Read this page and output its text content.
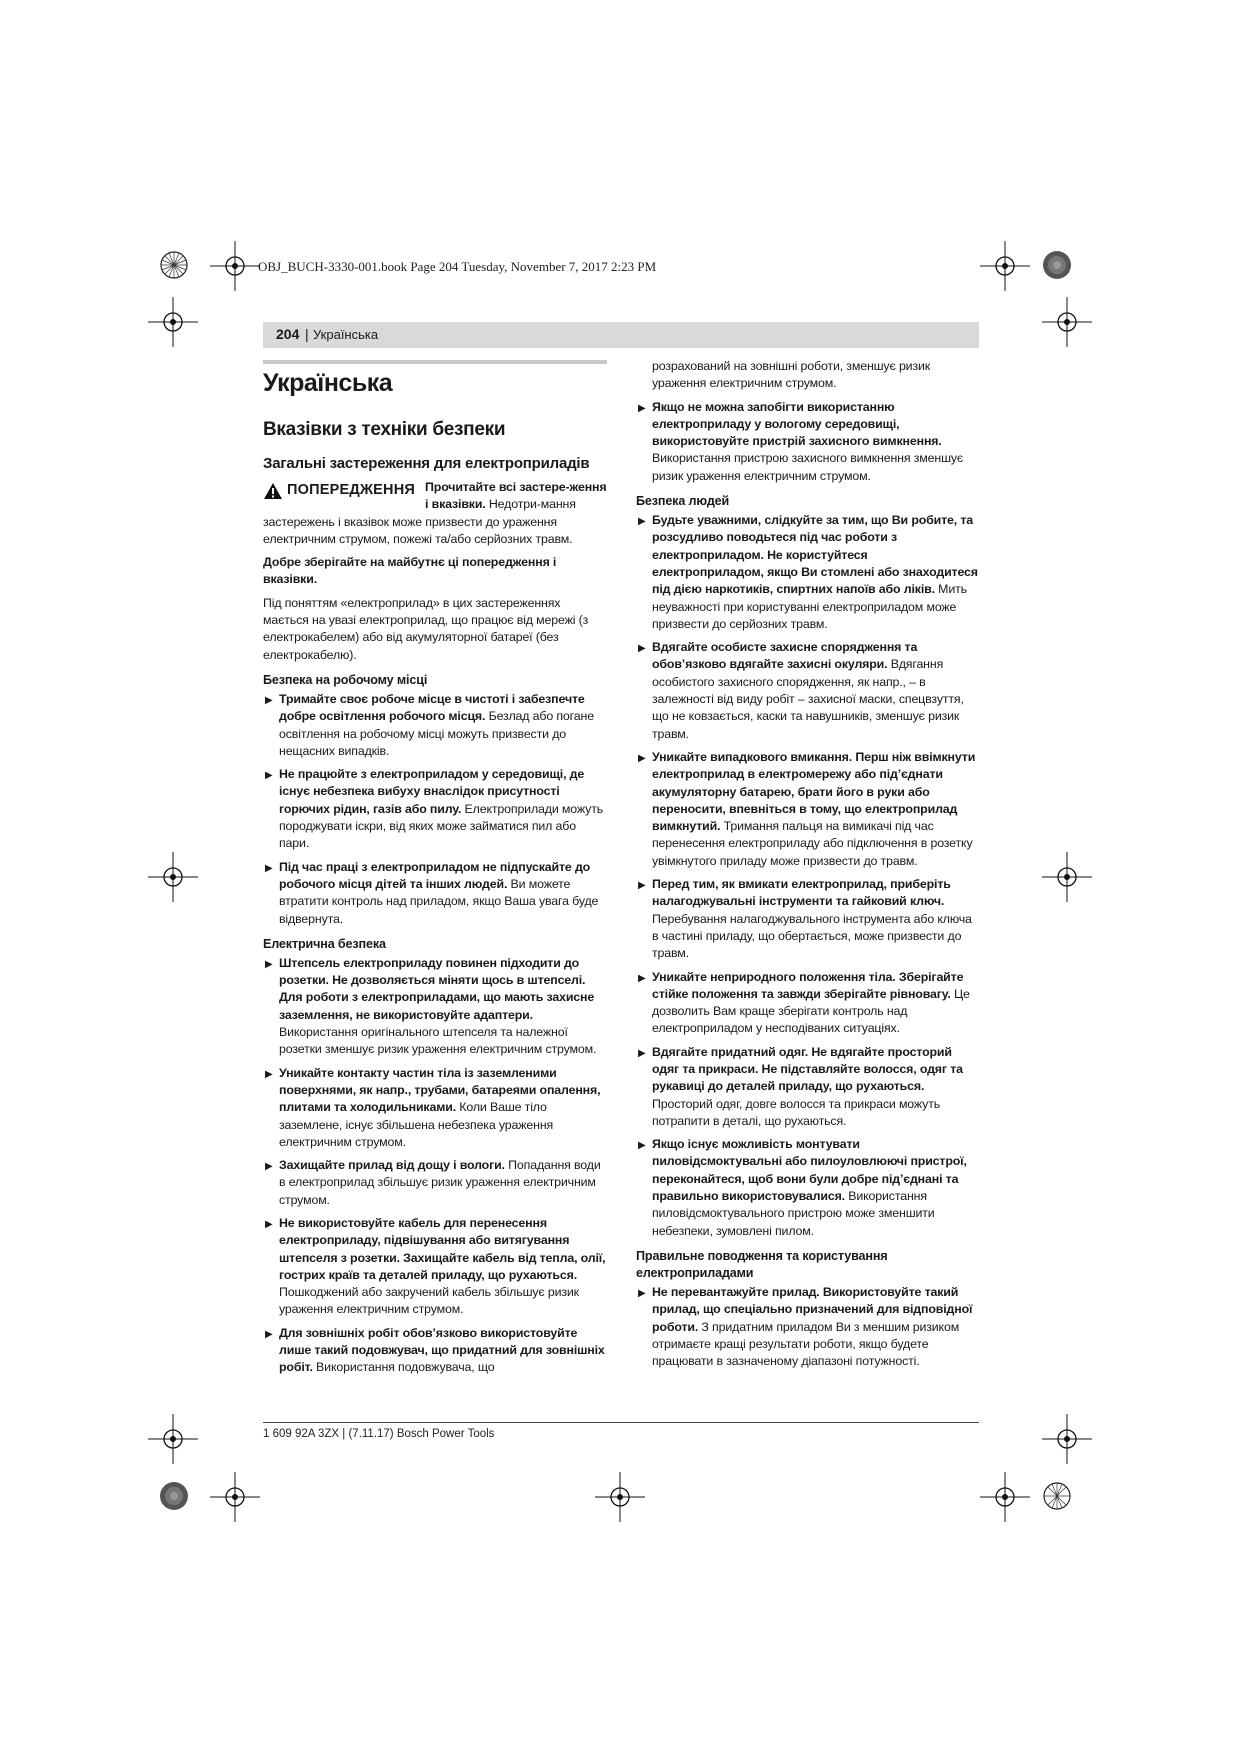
OBJ_BUCH-3330-001.book Page 204 Tuesday, November 7, 2017 2:23 PM
204 | Українська
Українська
Вказівки з техніки безпеки
Загальні застереження для електроприладів
ПОПЕРЕДЖЕННЯ Прочитайте всі застере-ження і вказівки. Недотри-мання застережень і вказівок може призвести до ураження електричним струмом, пожежі та/або серйозних травм.

Добре зберігайте на майбутнє ці попередження і вказівки.

Під поняттям «електроприлад» в цих застереженнях мається на увазі електроприлад, що працює від мережі (з електрокабелем) або від акумуляторної батареї (без електрокабелю).

Безпека на робочому місці
▶ Тримайте своє робоче місце в чистоті і забезпечте добре освітлення робочого місця. Безлад або погане освітлення на робочому місці можуть призвести до нещасних випадків.
▶ Не працюйте з електроприладом у середовищі, де існує небезпека вибуху внаслідок присутності горючих рідин, газів або пилу. Електроприлади можуть породжувати іскри, від яких може займатися пил або пари.
▶ Під час праці з електроприладом не підпускайте до робочого місця дітей та інших людей. Ви можете втратити контроль над приладом, якщо Ваша увага буде відвернута.
Електрична безпека
▶ Штепсель електроприладу повинен підходити до розетки. Не дозволяється міняти щось в штепселі. Для роботи з електроприладами, що мають захисне заземлення, не використовуйте адаптери. Використання оригінального штепселя та належної розетки зменшує ризик ураження електричним струмом.
▶ Уникайте контакту частин тіла із заземленими поверхнями, як напр., трубами, батареями опалення, плитами та холодильниками. Коли Ваше тіло заземлене, існує збільшена небезпека ураження електричним струмом.
▶ Захищайте прилад від дощу і вологи. Попадання води в електроприлад збільшує ризик ураження електричним струмом.
▶ Не використовуйте кабель для перенесення електроприладу, підвішування або витягування штепселя з розетки. Захищайте кабель від тепла, олії, гострих країв та деталей приладу, що рухаються. Пошкоджений або закручений кабель збільшує ризик ураження електричним струмом.
▶ Для зовнішніх робіт обов’язково використовуйте лише такий подовжувач, що придатний для зовнішніх робіт. Використання подовжувача, що

розрахований на зовнішні роботи, зменшує ризик ураження електричним струмом.

▶ Якщо не можна запобігти використанню електроприладу у вологому середовищі, використовуйте пристрій захисного вимкнення. Використання пристрою захисного вимкнення зменшує ризик ураження електричним струмом.
Безпека людей
▶ Будьте уважними, слідкуйте за тим, що Ви робите, та розсудливо поводьтеся під час роботи з електроприладом. Не користуйтеся електроприладом, якщо Ви стомлені або знаходитеся під дією наркотиків, спиртних напоїв або ліків. Мить неуважності при користуванні електроприладом може призвести до серйозних травм.
▶ Вдягайте особисте захисне спорядження та обов’язково вдягайте захисні окуляри. Вдягання особистого захисного спорядження, як напр., – в залежності від виду робіт – захисної маски, спецвзуття, що не ковзається, каски та навушників, зменшує ризик травм.
▶ Уникайте випадкового вмикання. Перш ніж ввімкнути електроприлад в електромережу або під’єднати акумуляторну батарею, брати його в руки або переносити, впевніться в тому, що електроприлад вимкнутий. Тримання пальця на вимикачі під час перенесення електроприладу або підключення в розетку увімкнутого приладу може призвести до травм.
▶ Перед тим, як вмикати електроприлад, приберіть налагоджувальні інструменти та гайковий ключ. Перебування налагоджувального інструмента або ключа в частині приладу, що обертається, може призвести до травм.
▶ Уникайте неприродного положення тіла. Зберігайте стійке положення та завжди зберігайте рівновагу. Це дозволить Вам краще зберігати контроль над електроприладом у несподіваних ситуаціях.
▶ Вдягайте придатний одяг. Не вдягайте просторий одяг та прикраси. Не підставляйте волосся, одяг та рукавиці до деталей приладу, що рухаються. Просторий одяг, довге волосся та прикраси можуть потрапити в деталі, що рухаються.
▶ Якщо існує можливість монтувати пиловідсмоктувальні або пилоуловлюючі пристрої, переконайтеся, щоб вони були добре під’єднані та правильно використовувалися. Використання пиловідсмоктувального пристрою може зменшити небезпеки, зумовлені пилом.
Правильне поводження та користування електроприладами
▶ Не перевантажуйте прилад. Використовуйте такий прилад, що спеціально призначений для відповідної роботи. З придатним приладом Ви з меншим ризиком отримаєте кращі результати роботи, якщо будете працювати в зазначеному діапазоні потужності.
1 609 92A 3ZX | (7.11.17) Bosch Power Tools
